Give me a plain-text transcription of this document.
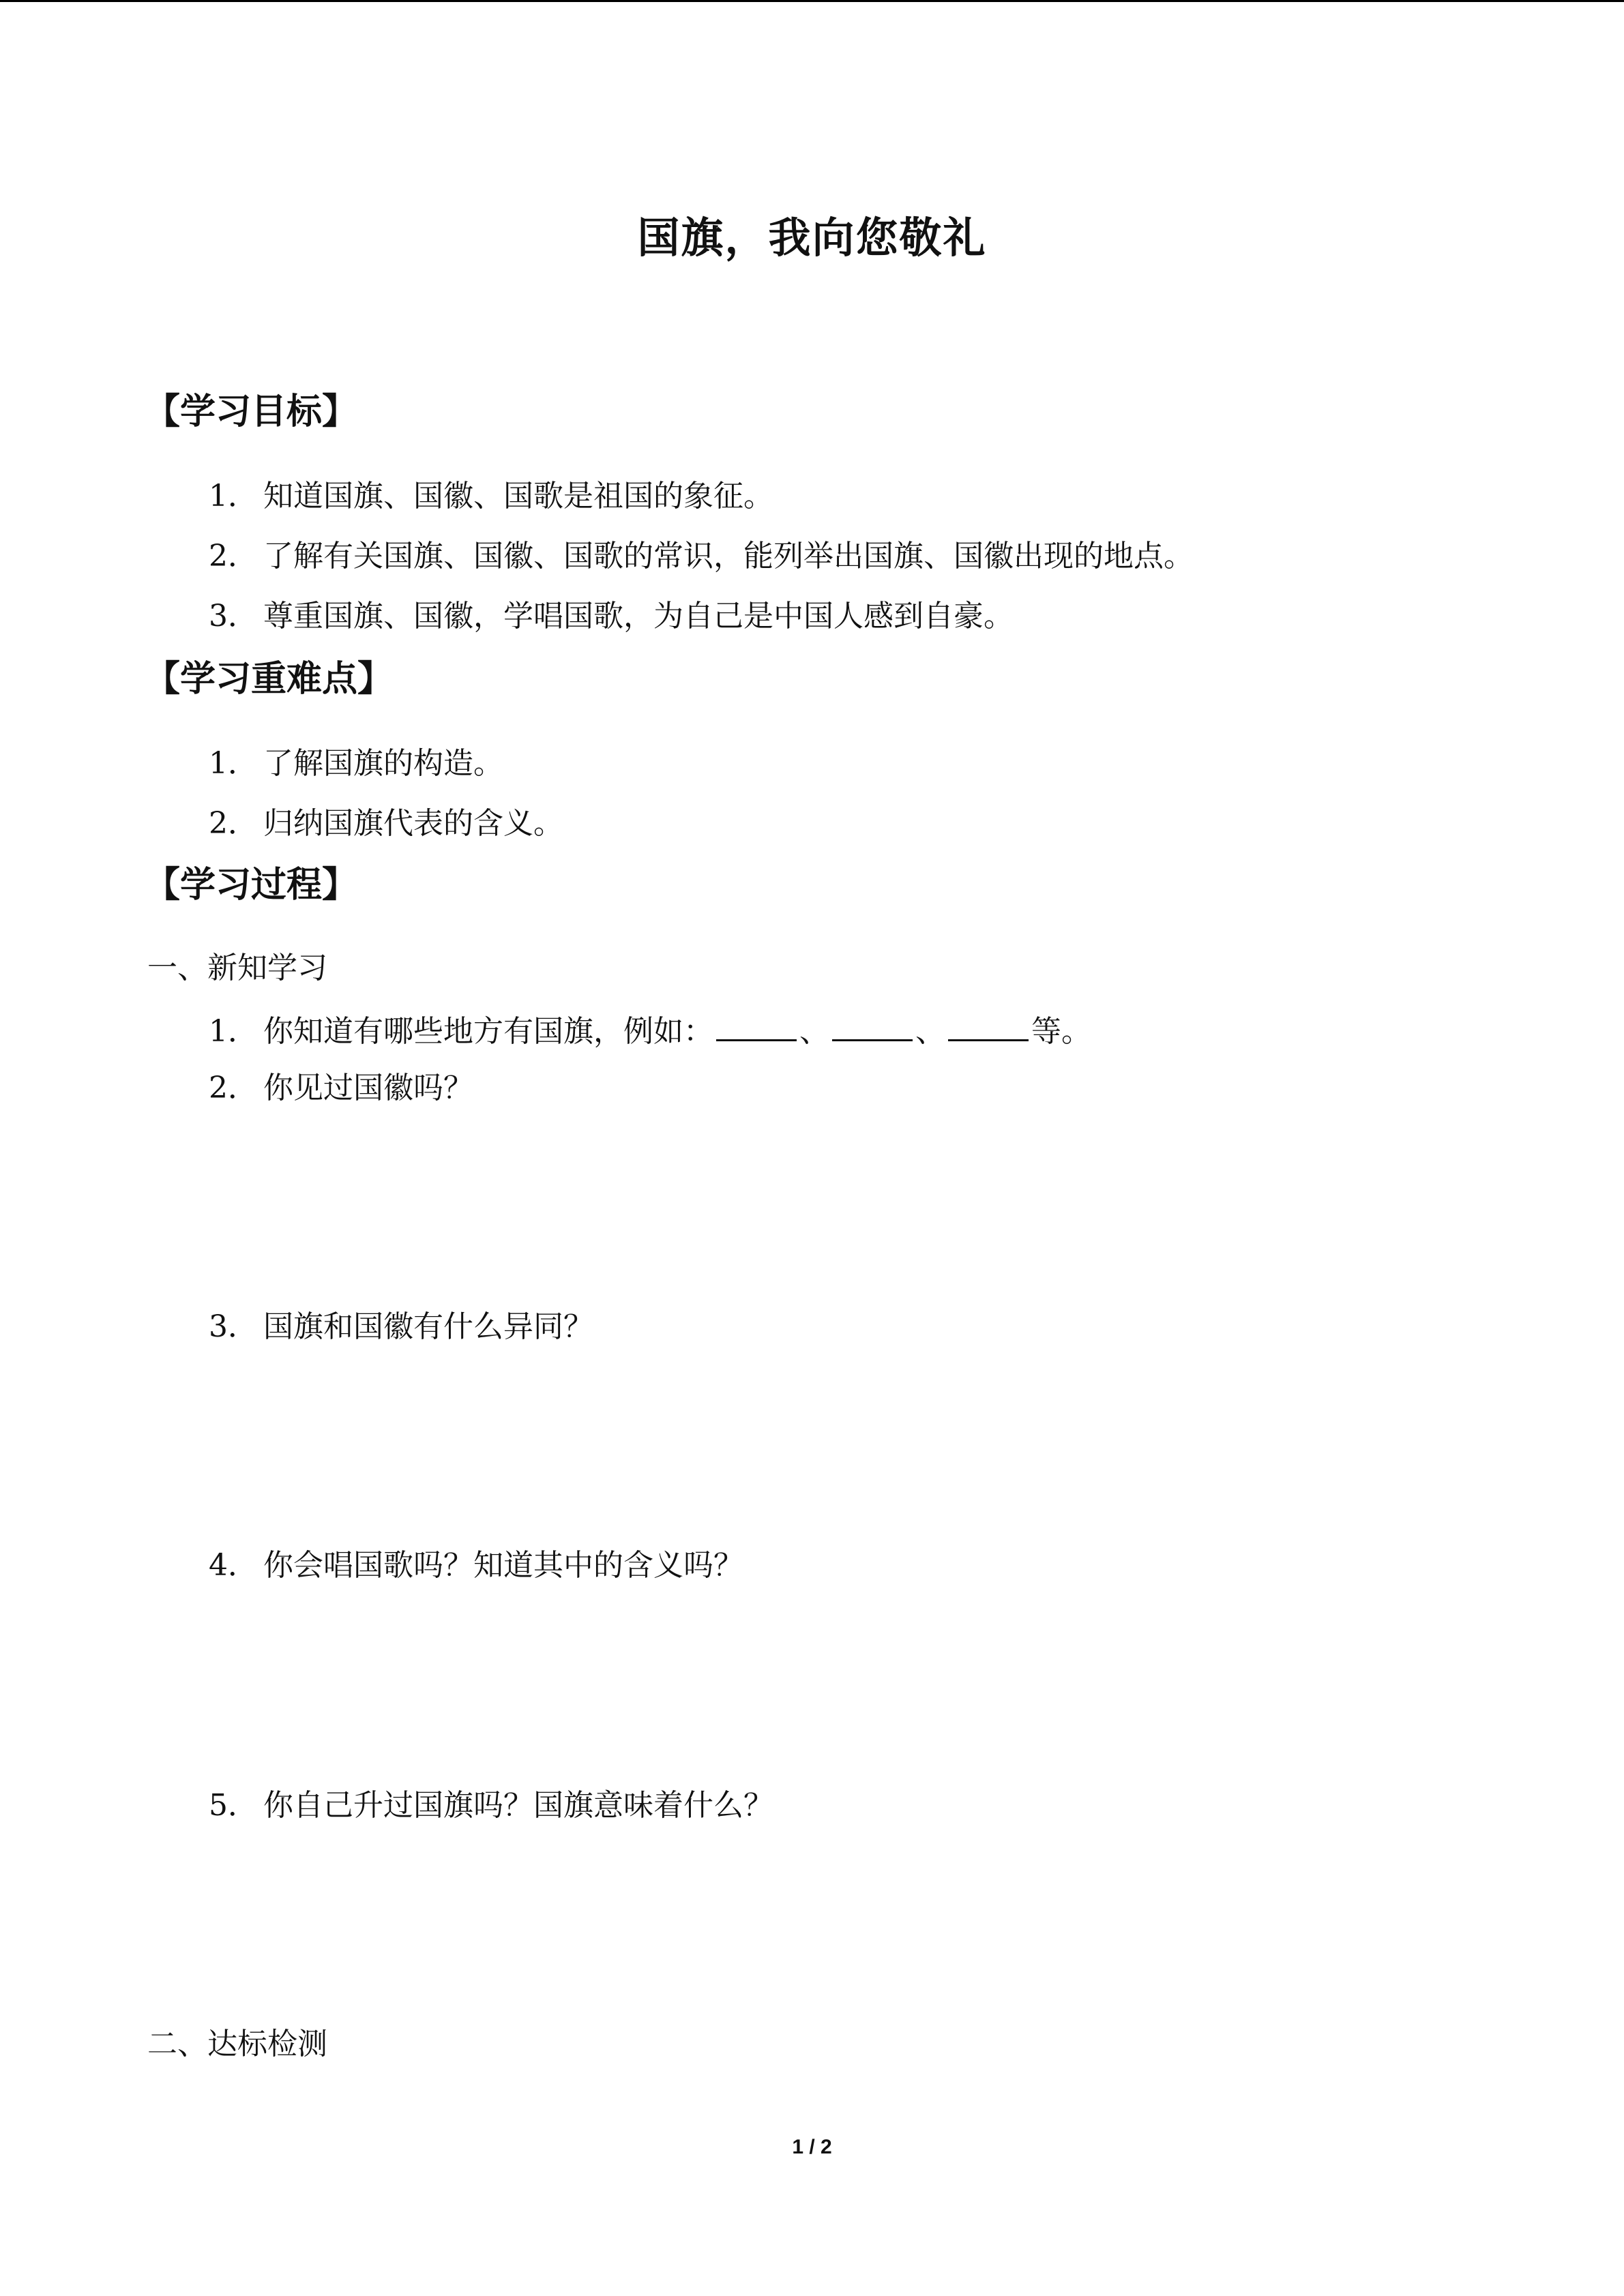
国旗，我向您敬礼
【学习目标】
1． 知道国旗、国徽、国歌是祖国的象征。
2． 了解有关国旗、国徽、国歌的常识，能列举出国旗、国徽出现的地点。
3． 尊重国旗、国徽，学唱国歌，为自己是中国人感到自豪。
【学习重难点】
1． 了解国旗的构造。
2． 归纳国旗代表的含义。
【学习过程】
一、新知学习
1． 你知道有哪些地方有国旗，例如：	、	、	等。
2． 你见过国徽吗？
3． 国旗和国徽有什么异同？
4． 你会唱国歌吗？知道其中的含义吗？
5． 你自己升过国旗吗？国旗意味着什么？
二、达标检测
1 / 2
